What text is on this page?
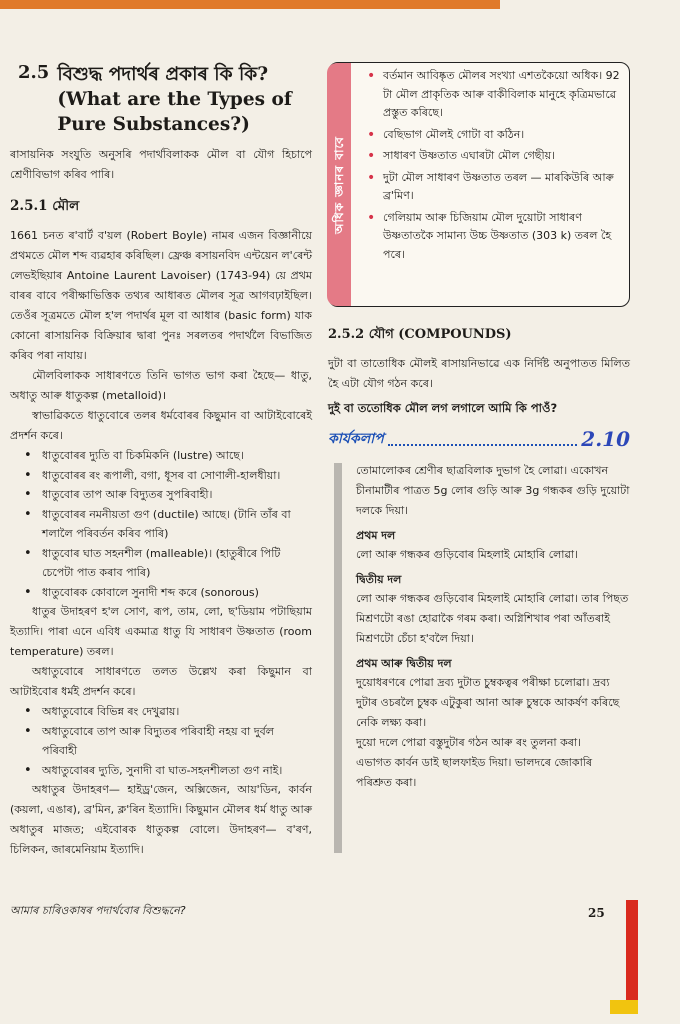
2.5 বিশুদ্ধ পদাৰ্থৰ প্ৰকাৰ কি কি? (What are the Types of Pure Substances?)

ৰাসায়নিক সংযুতি অনুসৰি পদাৰ্থবিলাকক মৌল বা যৌগ হিচাপে শ্ৰেণীবিভাগ কৰিব পাৰি।

2.5.1 মৌল

1661 চনত ৰ'বাৰ্ট ব'য়ল (Robert Boyle) নামৰ এজন বিজ্ঞানীয়ে প্ৰথমতে মৌল শব্দ ব্যৱহাৰ কৰিছিল। ফ্ৰেঞ্চ ৰসায়নবিদ এন্টয়েন ল'ৰেন্ট লেভইছিয়াৰ Antoine Laurent Lavoiser) (1743-94) য়ে প্ৰথম বাৰৰ বাবে পৰীক্ষাভিত্তিক তথ্যৰ আধাৰত মৌলৰ সূত্ৰ আগবঢ়াইছিল। তেওঁৰ সূত্ৰমতে মৌল হ'ল পদাৰ্থৰ মূল বা আধাৰ (basic form) যাক কোনো ৰাসায়নিক বিক্ৰিয়াৰ দ্বাৰা পুনঃ সৰলতৰ পদাৰ্থলৈ বিভাজিত কৰিব পৰা নাযায়।

মৌলবিলাকক সাধাৰণতে তিনি ভাগত ভাগ কৰা হৈছে— ধাতু, অধাতু আৰু ধাতুকল্প (metalloid)।

স্বাভাৱিকতে ধাতুবোৰে তলৰ ধৰ্মবোৰৰ কিছুমান বা আটাইবোৰেই প্ৰদৰ্শন কৰে।

• ধাতুবোৰৰ দ্যুতি বা চিকমিকনি (lustre) আছে।
• ধাতুবোৰৰ ৰং ৰূপালী, বগা, ধূসৰ বা সোণালী-হালধীয়া।
• ধাতুবোৰ তাপ আৰু বিদ্যুতৰ সুপৰিবাহী।
• ধাতুবোৰৰ নমনীয়তা গুণ (ductile) আছে। (টানি তাঁৰ বা শলালৈ পৰিবৰ্তন কৰিব পাৰি)
• ধাতুবোৰ ঘাত সহনশীল (malleable)। (হাতুৰীৰে পিটি চেপেটা পাত কৰাব পাৰি)
• ধাতুবোৰক কোবালে সুনাদী শব্দ কৰে (sonorous)

ধাতুৰ উদাহৰণ হ'ল সোণ, ৰূপ, তাম, লো, ছ'ডিয়াম পটাছিয়াম ইত্যাদি। পাৰা এনে এবিধ একমাত্ৰ ধাতু যি সাধাৰণ উষ্ণতাত (room temperature) তৰল।

অধাতুবোৰে সাধাৰণতে তলত উল্লেখ কৰা কিছুমান বা আটাইবোৰ ধৰ্মই প্ৰদৰ্শন কৰে।

• অধাতুবোৰে বিভিন্ন ৰং দেখুৱায়।
• অধাতুবোৰে তাপ আৰু বিদ্যুতৰ পৰিবাহী নহয় বা দুৰ্বল পৰিবাহী
• অধাতুবোৰৰ দ্যুতি, সুনাদী বা ঘাত-সহনশীলতা গুণ নাই।

অধাতুৰ উদাহৰণ— হাইড্ৰ'জেন, অক্সিজেন, আয়'ডিন, কাৰ্বন (কয়লা, এঙাৰ), ব্ৰ'মিন, ক্ল'ৰিন ইত্যাদি। কিছুমান মৌলৰ ধৰ্ম ধাতু আৰু অধাতুৰ মাজত; এইবোৰক ধাতুকল্প বোলে। উদাহৰণ— ব'ৰণ, চিলিকন, জাৰমেনিয়াম ইত্যাদি।

অধিক জ্ঞানৰ বাবে
• বৰ্তমান আবিষ্কৃত মৌলৰ সংখ্যা এশতকৈয়ো অধিক। 92 টা মৌল প্ৰাকৃতিক আৰু বাকীবিলাক মানুহে কৃত্ৰিমভাৱে প্ৰস্তুত কৰিছে।
• বেছিভাগ মৌলই গোটা বা কঠিন।
• সাধাৰণ উষ্ণতাত এঘাৰটা মৌল গেছীয়।
• দুটা মৌল সাধাৰণ উষ্ণতাত তৰল — মাৰকিউৰি আৰু ব্ৰ'মিণ।
• গেলিয়াম আৰু চিজিয়াম মৌল দুয়োটা সাধাৰণ উষ্ণতাতকৈ সামান্য উচ্চ উষ্ণতাত (303 k) তৰল হৈ পৰে।
2.5.2 যৌগ (COMPOUNDS)

দুটা বা তাতোধিক মৌলই ৰাসায়নিভাৱে এক নিৰ্দিষ্ট অনুপাতত মিলিত হৈ এটা যৌগ গঠন কৰে।

দুই বা ততোধিক মৌল লগ লগালে আমি কি পাওঁ?

কাৰ্যকলাপ	2.10

তোমালোকৰ শ্ৰেণীৰ ছাত্ৰবিলাক দুভাগ হৈ লোৱা। একোখন চীনামাটীৰ পাত্ৰত 5g লোৰ গুড়ি আৰু 3g গন্ধকৰ গুড়ি দুয়োটা দলকে দিয়া।

প্ৰথম দল

লো আৰু গন্ধকৰ গুড়িবোৰ মিহলাই মোহাৰি লোৱা।

দ্বিতীয় দল

লো আৰু গন্ধকৰ গুড়িবোৰ মিহলাই মোহাৰি লোৱা। তাৰ পিছত মিশ্ৰণটো ৰঙা হোৱাকৈ গৰম কৰা। অগ্নিশিখাৰ পৰা আঁতৰাই মিশ্ৰণটো চেঁচা হ'বলৈ দিয়া।

প্ৰথম আৰু দ্বিতীয় দল

দুয়োধৰণৰে পোৱা দ্ৰব্য দুটাত চুম্বকত্বৰ পৰীক্ষা চলোৱা। দ্ৰব্য দুটাৰ ওচৰলৈ চুম্বক এটুকুৰা আনা আৰু চুম্বকে আকৰ্ষণ কৰিছে নেকি লক্ষ্য কৰা।

দুয়ো দলে পোৱা বস্তুদুটাৰ গঠন আৰু ৰং তুলনা কৰা।

এভাগত কাৰ্বন ডাই ছালফাইড দিয়া। ভালদৰে জোকাৰি পৰিশ্ৰুত কৰা।

আমাৰ চাৰিওকাষৰ পদাৰ্থবোৰ বিশুদ্ধনে?	25
